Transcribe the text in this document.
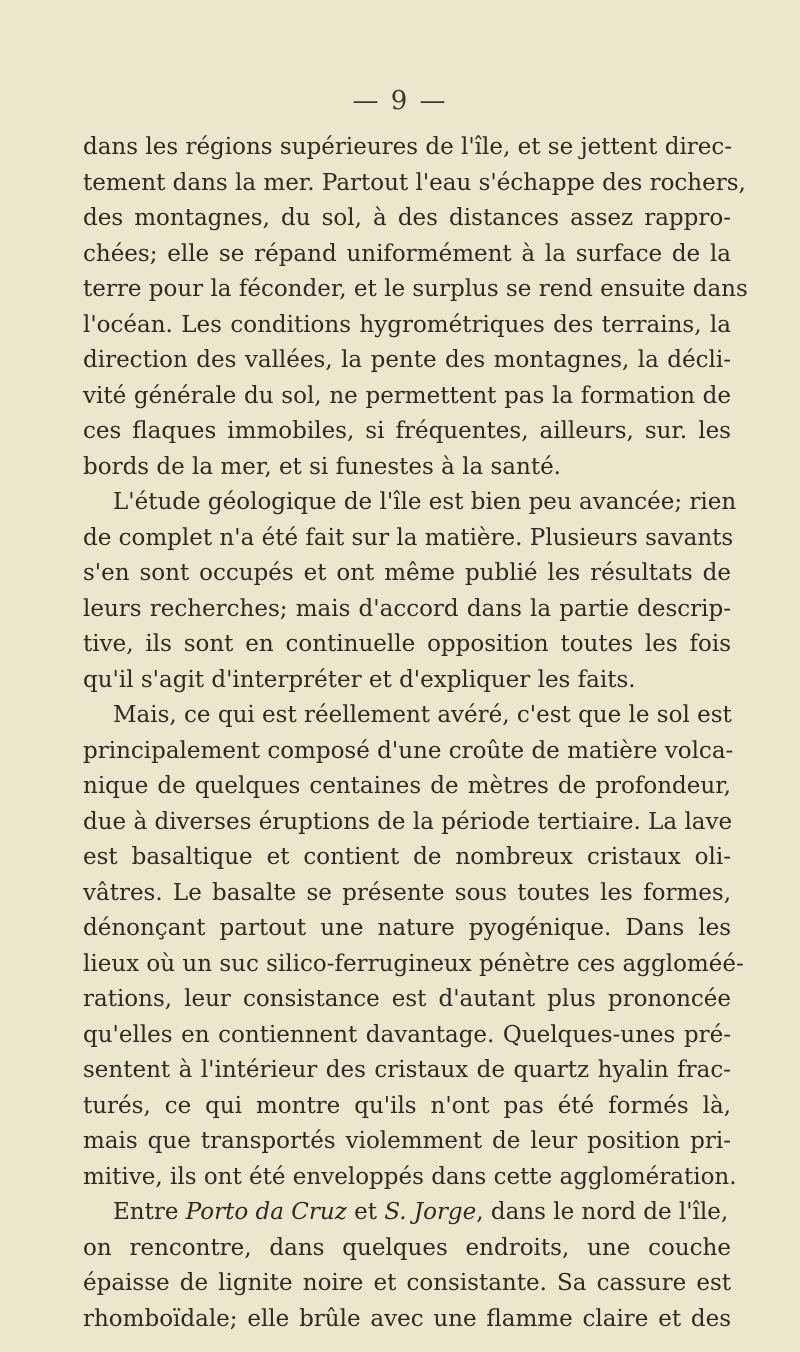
— 9 —
dans les régions supérieures de l'île, et se jettent direc-
tement dans la mer. Partout l'eau s'échappe des rochers,
des montagnes, du sol, à des distances assez rappro-
chées; elle se répand uniformément à la surface de la
terre pour la féconder, et le surplus se rend ensuite dans
l'océan. Les conditions hygrométriques des terrains, la
direction des vallées, la pente des montagnes, la décli-
vité générale du sol, ne permettent pas la formation de
ces flaques immobiles, si fréquentes, ailleurs, sur. les
bords de la mer, et si funestes à la santé.
L'étude géologique de l'île est bien peu avancée; rien
de complet n'a été fait sur la matière. Plusieurs savants
s'en sont occupés et ont même publié les résultats de
leurs recherches; mais d'accord dans la partie descrip-
tive, ils sont en continuelle opposition toutes les fois
qu'il s'agit d'interpréter et d'expliquer les faits.
Mais, ce qui est réellement avéré, c'est que le sol est
principalement composé d'une croûte de matière volca-
nique de quelques centaines de mètres de profondeur,
due à diverses éruptions de la période tertiaire. La lave
est basaltique et contient de nombreux cristaux oli-
vâtres. Le basalte se présente sous toutes les formes,
dénonçant partout une nature pyogénique. Dans les
lieux où un suc silico-ferrugineux pénètre ces aggloméé-
rations, leur consistance est d'autant plus prononcée
qu'elles en contiennent davantage. Quelques-unes pré-
sentent à l'intérieur des cristaux de quartz hyalin frac-
turés, ce qui montre qu'ils n'ont pas été formés là,
mais que transportés violemment de leur position pri-
mitive, ils ont été enveloppés dans cette agglomération.
Entre Porto da Cruz et S. Jorge, dans le nord de l'île,
on rencontre, dans quelques endroits, une couche
épaisse de lignite noire et consistante. Sa cassure est
rhomboïdale; elle brûle avec une flamme claire et des
